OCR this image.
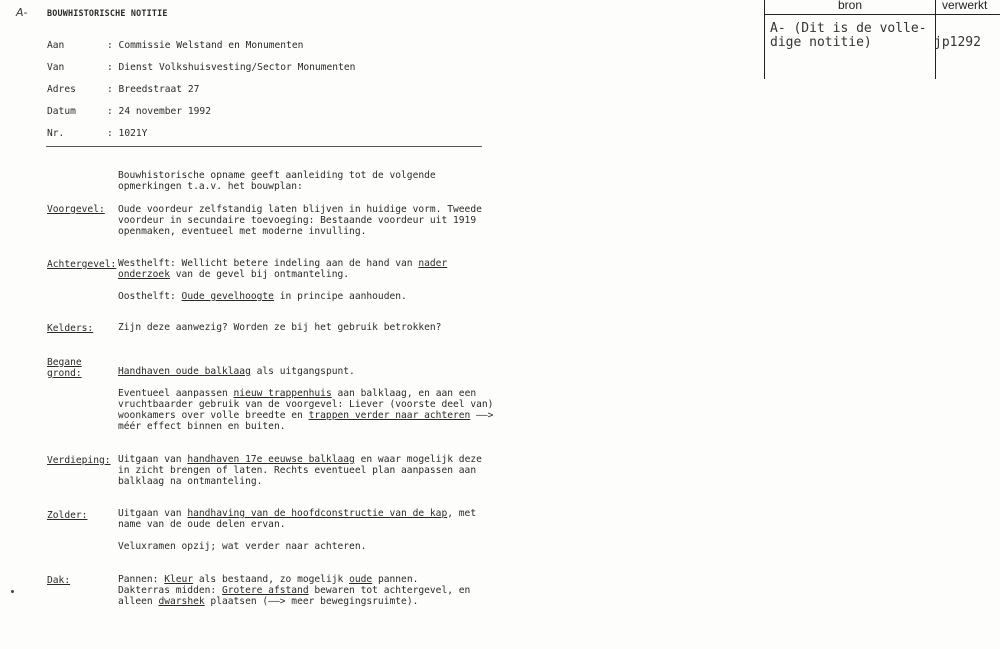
A- BOUWHISTORISCHE NOTITIE
Aan	: Commissie Welstand en Monumenten
Van	: Dienst Volkshuisvesting/Sector Monumenten
Adres	: Breedstraat 27
Datum	: 24 november 1992
Nr.	: 1021Y
Bouwhistorische opname geeft aanleiding tot de volgende
opmerkingen t.a.v. het bouwplan:
Voorgevel: Oude voordeur zelfstandig laten blijven in huidige vorm. Tweede
voordeur in secundaire toevoeging: Bestaande voordeur uit 1919
openmaken, eventueel met moderne invulling.
Achtergevel: Westhelft: Wellicht betere indeling aan de hand van nader
onderzoek van de gevel bij ontmanteling.
Oosthelft: Oude gevelhoogte in principe aanhouden.
Kelders:	Zijn deze aanwezig? Worden ze bij het gebruik betrokken?
Begane
grond:	Handhaven oude balklaag als uitgangspunt.
Eventueel aanpassen nieuw trappenhuis aan balklaag, en aan een
vruchtbaarder gebruik van de voorgevel: Liever (voorste deel van)
woonkamers over volle breedte en trappen verder naar achteren ——>
méér effect binnen en buiten.
Verdieping: Uitgaan van handhaven 17e eeuwse balklaag en waar mogelijk deze
in zicht brengen of laten. Rechts eventueel plan aanpassen aan
balklaag na ontmanteling.
Zolder:	Uitgaan van handhaving van de hoofdconstructie van de kap, met
name van de oude delen ervan.
Veluxramen opzij; wat verder naar achteren.
Dak:	Pannen: Kleur als bestaand, zo mogelijk oude pannen.
Dakterras midden: Grotere afstand bewaren tot achtergevel, en
alleen dwarshek plaatsen (——> meer bewegingsruimte).
bron	verwerkt
A- (Dit is de volle-
dige notitie)	jp1292
